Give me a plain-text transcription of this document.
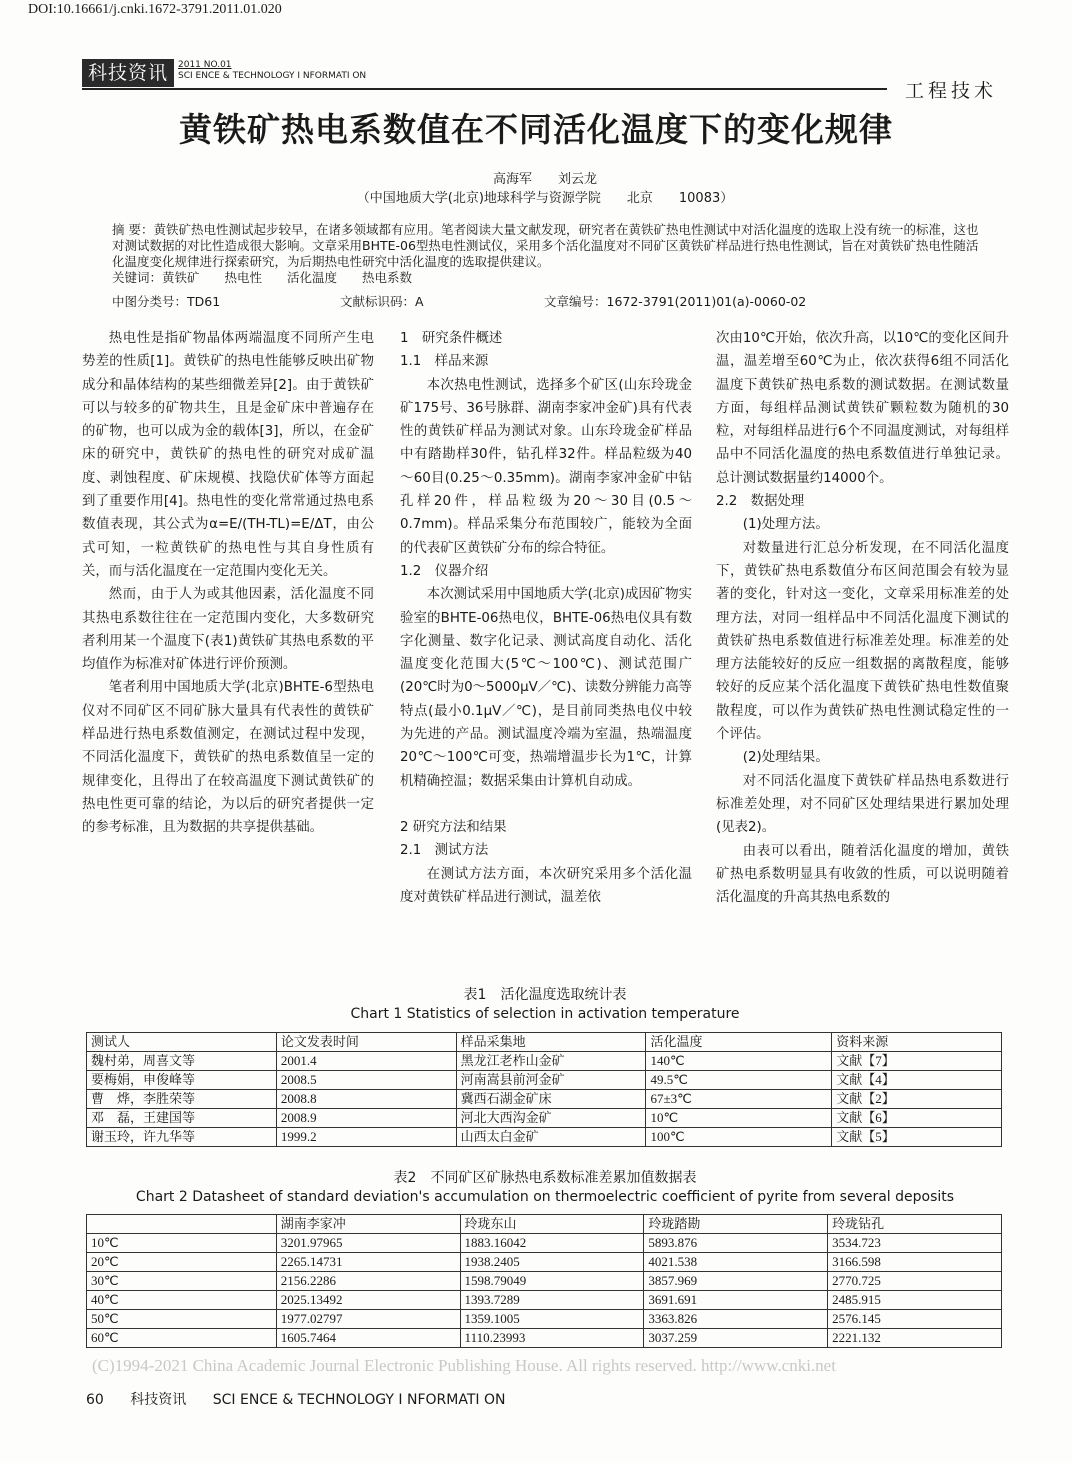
DOI:10.16661/j.cnki.1672-3791.2011.01.020
科技资讯	2011 NO.01
SCI ENCE & TECHNOLOGY I NFORMATI ON
工程技术
黄铁矿热电系数值在不同活化温度下的变化规律
高海军　　刘云龙
（中国地质大学(北京)地球科学与资源学院　　北京　　10083）
摘 要：黄铁矿热电性测试起步较早，在诸多领域都有应用。笔者阅读大量文献发现，研究者在黄铁矿热电性测试中对活化温度的选取上没有统一的标准，这也对测试数据的对比性造成很大影响。文章采用BHTE-06型热电性测试仪，采用多个活化温度对不同矿区黄铁矿样品进行热电性测试，旨在对黄铁矿热电性随活化温度变化规律进行探索研究，为后期热电性研究中活化温度的选取提供建议。
关键词：黄铁矿　　热电性　　活化温度　　热电系数
中图分类号：TD61	文献标识码：A	文章编号：1672-3791(2011)01(a)-0060-02

热电性是指矿物晶体两端温度不同所产生电势差的性质[1]。黄铁矿的热电性能够反映出矿物成分和晶体结构的某些细微差异[2]。由于黄铁矿可以与较多的矿物共生，且是金矿床中普遍存在的矿物，也可以成为金的载体[3]，所以，在金矿床的研究中，黄铁矿的热电性的研究对成矿温度、剥蚀程度、矿床规模、找隐伏矿体等方面起到了重要作用[4]。热电性的变化常常通过热电系数值表现，其公式为α=E/(TH-TL)=E/ΔT，由公式可知，一粒黄铁矿的热电性与其自身性质有关，而与活化温度在一定范围内变化无关。

然而，由于人为或其他因素，活化温度不同其热电系数往往在一定范围内变化，大多数研究者利用某一个温度下(表1)黄铁矿其热电系数的平均值作为标准对矿体进行评价预测。

笔者利用中国地质大学(北京)BHTE-6型热电仪对不同矿区不同矿脉大量具有代表性的黄铁矿样品进行热电系数值测定，在测试过程中发现，不同活化温度下，黄铁矿的热电系数值呈一定的规律变化，且得出了在较高温度下测试黄铁矿的热电性更可靠的结论，为以后的研究者提供一定的参考标准，且为数据的共享提供基础。

1　研究条件概述
1.1　样品来源

本次热电性测试，选择多个矿区(山东玲珑金矿175号、36号脉群、湖南李家冲金矿)具有代表性的黄铁矿样品为测试对象。山东玲珑金矿样品中有踏勘样30件，钻孔样32件。样品粒级为40～60目(0.25～0.35mm)。湖南李家冲金矿中钻孔样20件，样品粒级为20～30目(0.5～0.7mm)。样品采集分布范围较广，能较为全面的代表矿区黄铁矿分布的综合特征。

1.2　仪器介绍

本次测试采用中国地质大学(北京)成因矿物实验室的BHTE-06热电仪，BHTE-06热电仪具有数字化测量、数字化记录、测试高度自动化、活化温度变化范围大(5℃～100℃)、测试范围广(20℃时为0～5000μV／℃)、读数分辨能力高等特点(最小0.1μV／℃)，是目前同类热电仪中较为先进的产品。测试温度冷端为室温，热端温度20℃～100℃可变，热端增温步长为1℃，计算机精确控温；数据采集由计算机自动成。

2 研究方法和结果
2.1　测试方法

在测试方法方面，本次研究采用多个活化温度对黄铁矿样品进行测试，温差依

次由10℃开始，依次升高，以10℃的变化区间升温，温差增至60℃为止，依次获得6组不同活化温度下黄铁矿热电系数的测试数据。在测试数量方面，每组样品测试黄铁矿颗粒数为随机的30粒，对每组样品进行6个不同温度测试，对每组样品中不同活化温度的热电系数值进行单独记录。总计测试数据量约14000个。

2.2　数据处理

(1)处理方法。

对数量进行汇总分析发现，在不同活化温度下，黄铁矿热电系数值分布区间范围会有较为显著的变化，针对这一变化，文章采用标准差的处理方法，对同一组样品中不同活化温度下测试的黄铁矿热电系数值进行标准差处理。标准差的处理方法能较好的反应一组数据的离散程度，能够较好的反应某个活化温度下黄铁矿热电性数值聚散程度，可以作为黄铁矿热电性测试稳定性的一个评估。

(2)处理结果。

对不同活化温度下黄铁矿样品热电系数进行标准差处理，对不同矿区处理结果进行累加处理(见表2)。

由表可以看出，随着活化温度的增加，黄铁矿热电系数明显具有收敛的性质，可以说明随着活化温度的升高其热电系数的

表1　活化温度选取统计表
Chart 1 Statistics of selection in activation temperature
测试人	论文发表时间	样品采集地	活化温度	资料来源
魏村弟，周喜文等	2001.4	黑龙江老柞山金矿	140℃	文献【7】
要梅娟，申俊峰等	2008.5	河南嵩县前河金矿	49.5℃	文献【4】
曹　烨，李胜荣等	2008.8	冀西石湖金矿床	67±3℃	文献【2】
邓　磊，王建国等	2008.9	河北大西沟金矿	10℃	文献【6】
谢玉玲，许九华等	1999.2	山西太白金矿	100℃	文献【5】
表2　不同矿区矿脉热电系数标准差累加值数据表
Chart 2 Datasheet of standard deviation's accumulation on thermoelectric coefficient of pyrite from several deposits
	湖南李家冲	玲珑东山	玲珑踏勘	玲珑钻孔
10℃	3201.97965	1883.16042	5893.876	3534.723
20℃	2265.14731	1938.2405	4021.538	3166.598
30℃	2156.2286	1598.79049	3857.969	2770.725
40℃	2025.13492	1393.7289	3691.691	2485.915
50℃	1977.02797	1359.1005	3363.826	2576.145
60℃	1605.7464	1110.23993	3037.259	2221.132
(C)1994-2021 China Academic Journal Electronic Publishing House. All rights reserved. http://www.cnki.net
60 科技资讯 SCI ENCE & TECHNOLOGY I NFORMATI ON
